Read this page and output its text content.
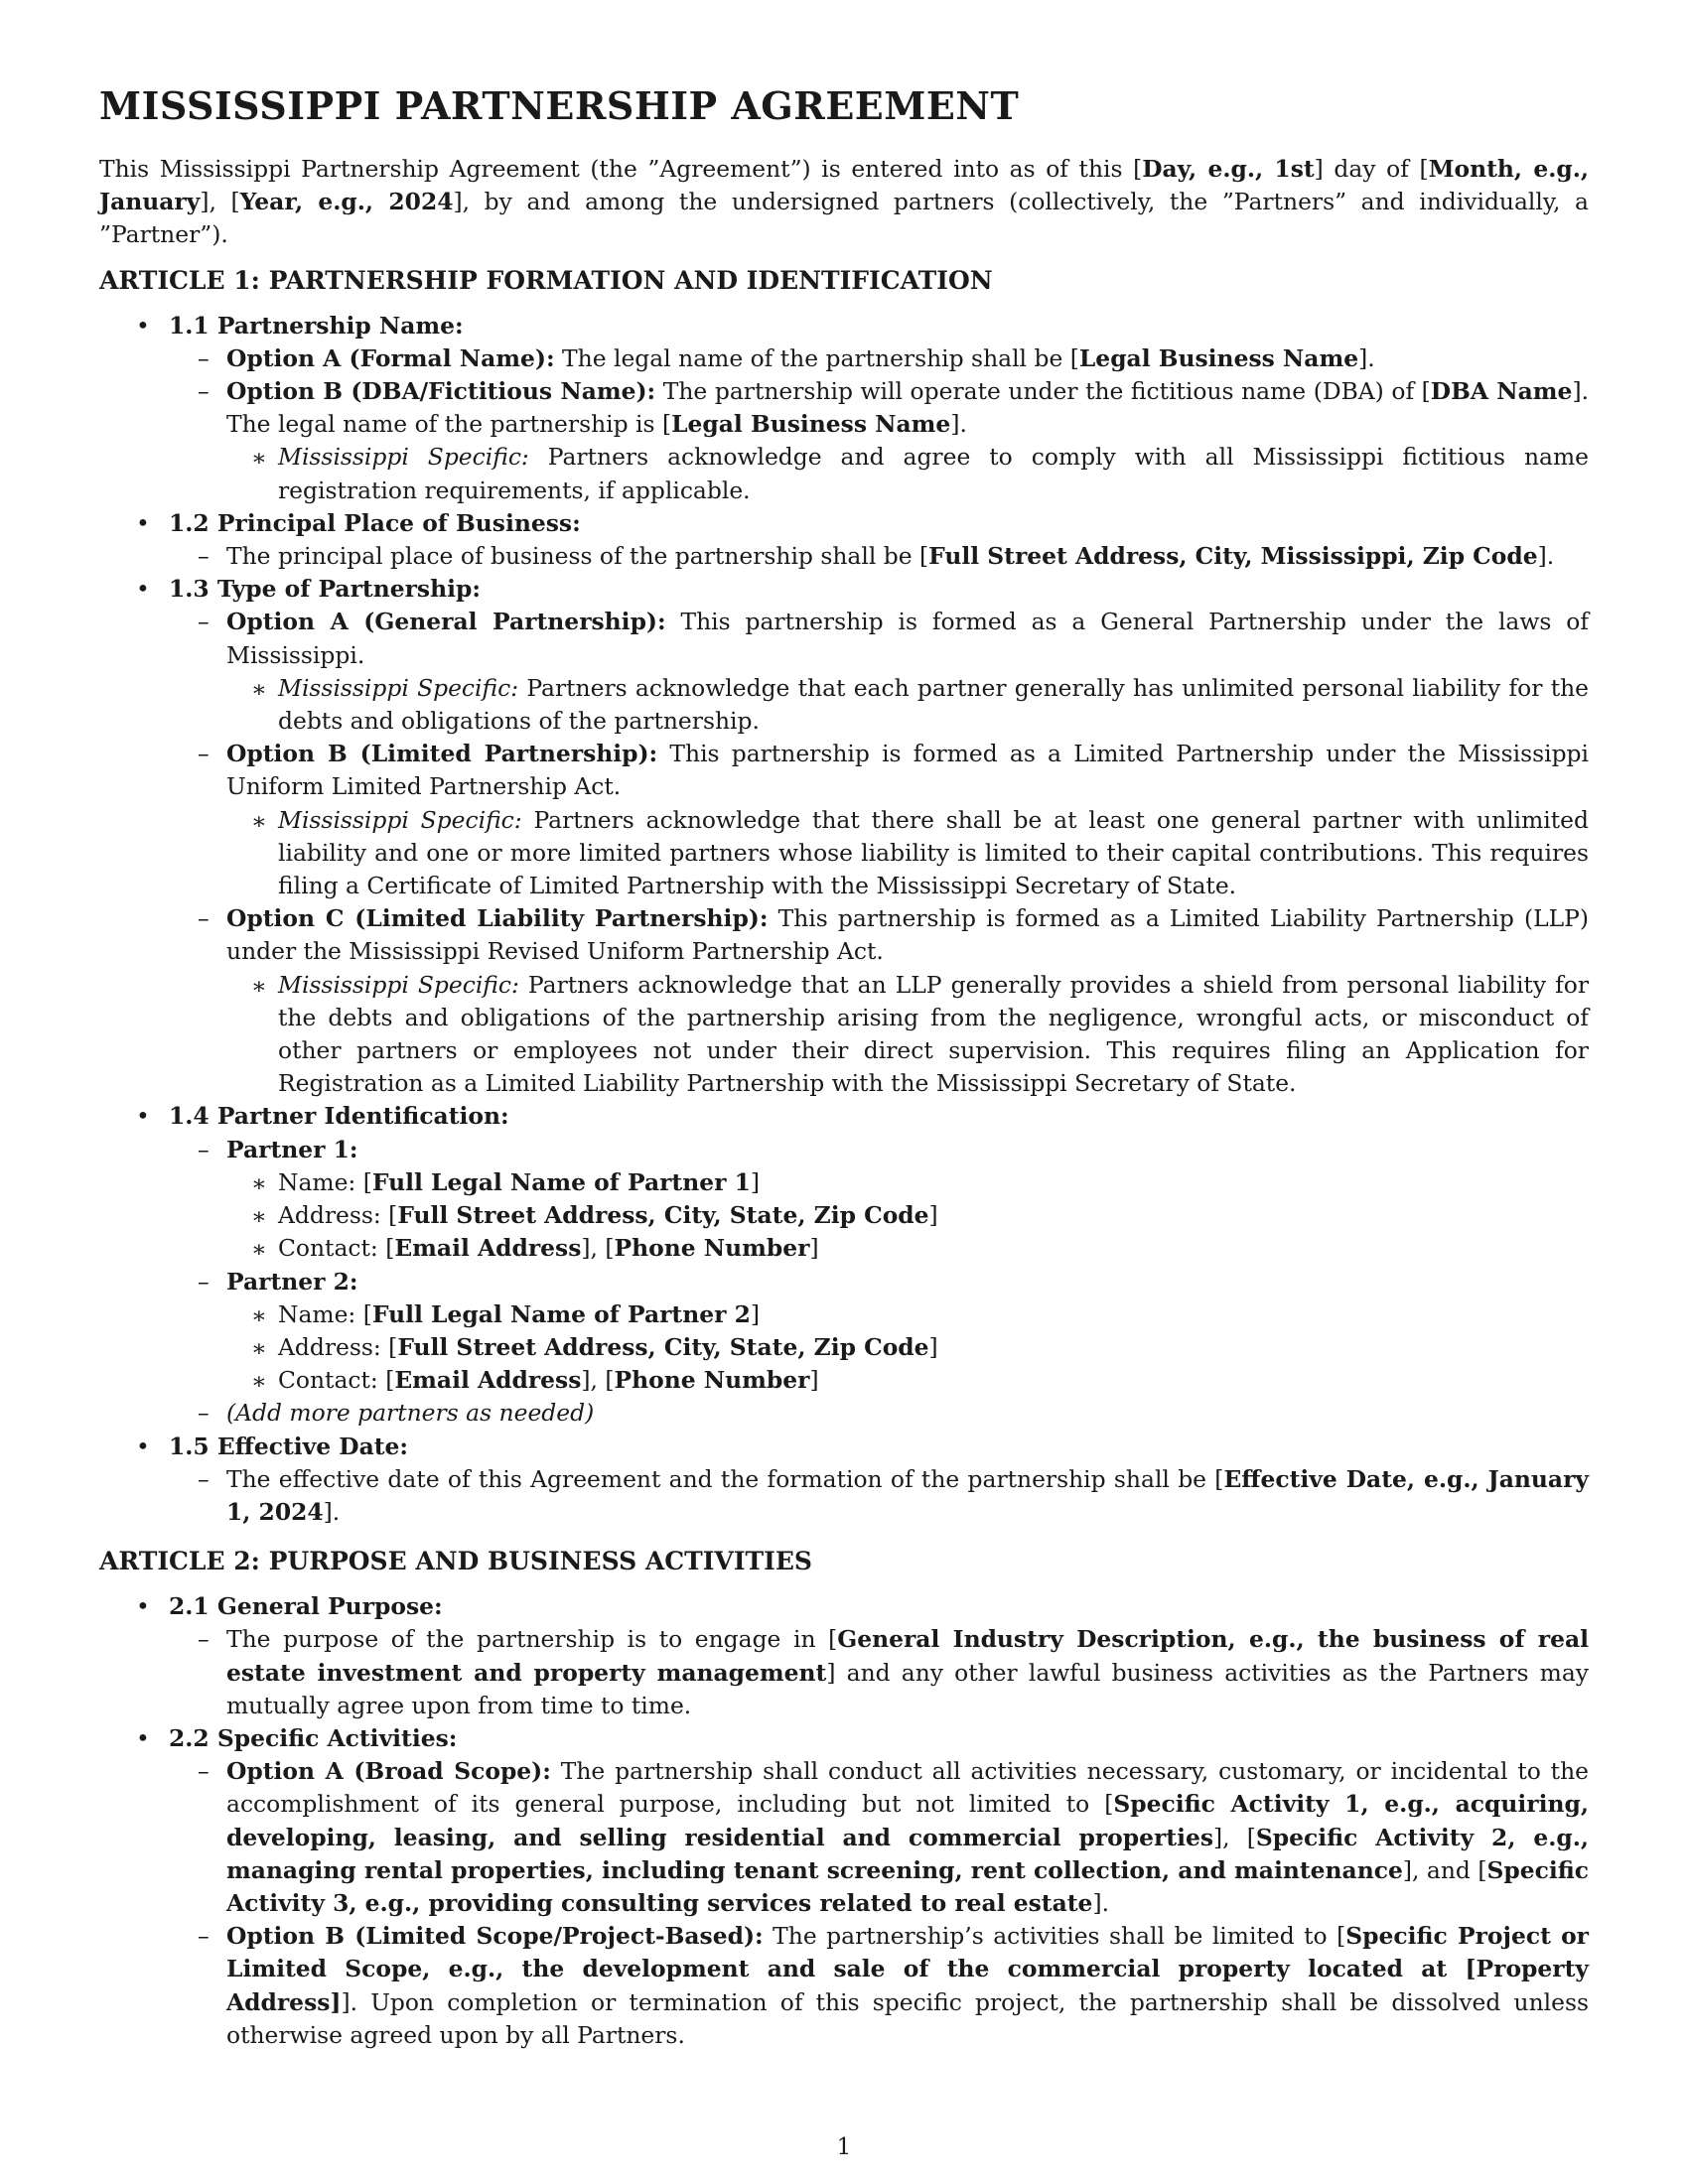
MISSISSIPPI PARTNERSHIP AGREEMENT

This Mississippi Partnership Agreement (the ”Agreement”) is entered into as of this [Day, e.g., 1st] day of [Month, e.g., January], [Year, e.g., 2024], by and among the undersigned partners (collectively, the ”Partners” and individually, a ”Partner”).

ARTICLE 1: PARTNERSHIP FORMATION AND IDENTIFICATION
• 1.1 Partnership Name:
– Option A (Formal Name): The legal name of the partnership shall be [Legal Business Name].
– Option B (DBA/Fictitious Name): The partnership will operate under the fictitious name (DBA) of [DBA Name]. The legal name of the partnership is [Legal Business Name].
∗ Mississippi Specific: Partners acknowledge and agree to comply with all Mississippi fictitious name registration requirements, if applicable.
• 1.2 Principal Place of Business:
– The principal place of business of the partnership shall be [Full Street Address, City, Mississippi, Zip Code].
• 1.3 Type of Partnership:
– Option A (General Partnership): This partnership is formed as a General Partnership under the laws of Mississippi.
∗ Mississippi Specific: Partners acknowledge that each partner generally has unlimited personal liability for the debts and obligations of the partnership.
– Option B (Limited Partnership): This partnership is formed as a Limited Partnership under the Mississippi Uniform Limited Partnership Act.
∗ Mississippi Specific: Partners acknowledge that there shall be at least one general partner with unlimited liability and one or more limited partners whose liability is limited to their capital contributions. This requires filing a Certificate of Limited Partnership with the Mississippi Secretary of State.
– Option C (Limited Liability Partnership): This partnership is formed as a Limited Liability Partnership (LLP) under the Mississippi Revised Uniform Partnership Act.
∗ Mississippi Specific: Partners acknowledge that an LLP generally provides a shield from personal liability for the debts and obligations of the partnership arising from the negligence, wrongful acts, or misconduct of other partners or employees not under their direct supervision. This requires filing an Application for Registration as a Limited Liability Partnership with the Mississippi Secretary of State.
• 1.4 Partner Identification:
– Partner 1:
∗ Name: [Full Legal Name of Partner 1]
∗ Address: [Full Street Address, City, State, Zip Code]
∗ Contact: [Email Address], [Phone Number]
– Partner 2:
∗ Name: [Full Legal Name of Partner 2]
∗ Address: [Full Street Address, City, State, Zip Code]
∗ Contact: [Email Address], [Phone Number]
– (Add more partners as needed)
• 1.5 Effective Date:
– The effective date of this Agreement and the formation of the partnership shall be [Effective Date, e.g., January 1, 2024].
ARTICLE 2: PURPOSE AND BUSINESS ACTIVITIES
• 2.1 General Purpose:
– The purpose of the partnership is to engage in [General Industry Description, e.g., the business of real estate investment and property management] and any other lawful business activities as the Partners may mutually agree upon from time to time.
• 2.2 Specific Activities:
– Option A (Broad Scope): The partnership shall conduct all activities necessary, customary, or incidental to the accomplishment of its general purpose, including but not limited to [Specific Activity 1, e.g., acquiring, developing, leasing, and selling residential and commercial properties], [Specific Activity 2, e.g., managing rental properties, including tenant screening, rent collection, and maintenance], and [Specific Activity 3, e.g., providing consulting services related to real estate].
– Option B (Limited Scope/Project-Based): The partnership’s activities shall be limited to [Specific Project or Limited Scope, e.g., the development and sale of the commercial property located at [Property Address]]. Upon completion or termination of this specific project, the partnership shall be dissolved unless otherwise agreed upon by all Partners.
1
